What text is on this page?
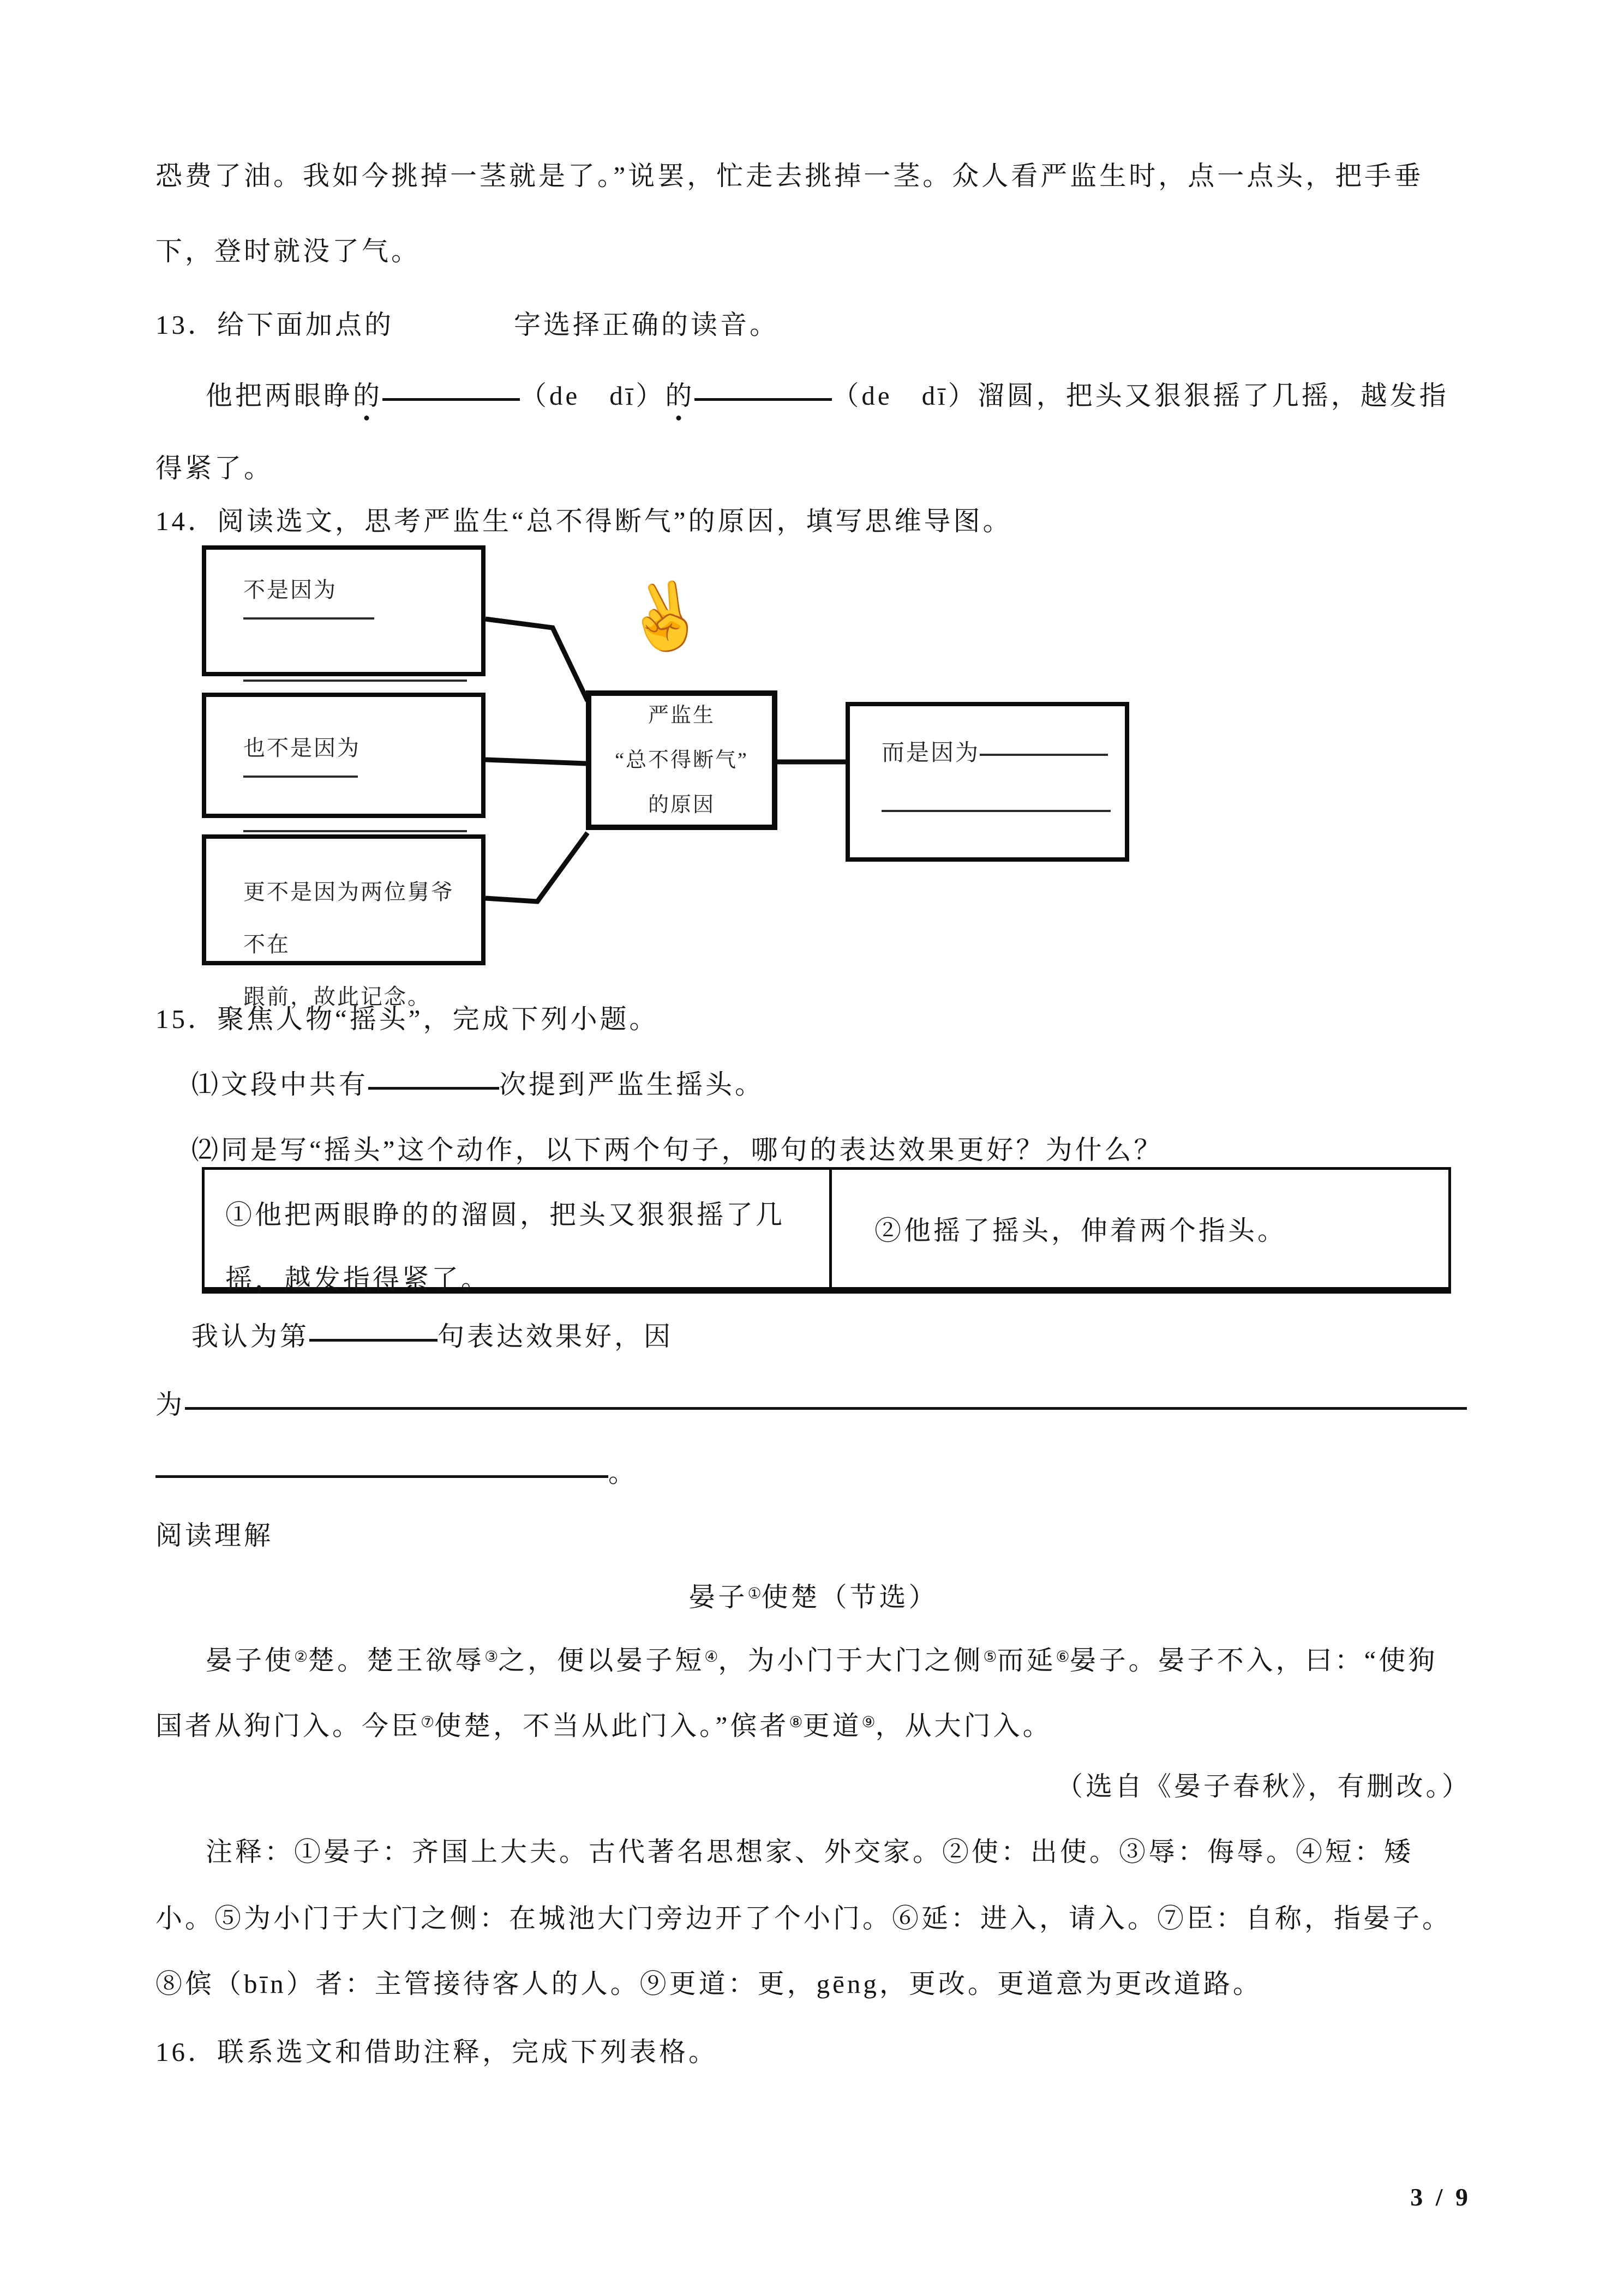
恐费了油。我如今挑掉一茎就是了。”说罢，忙走去挑掉一茎。众人看严监生时，点一点头，把手垂
下，登时就没了气。
13．给下面加点的	字选择正确的读音。
他把两眼睁的	（de　dī）的	（de　dī）溜圆，把头又狠狠摇了几摇，越发指
得紧了。
14．阅读选文，思考严监生“总不得断气”的原因，填写思维导图。
✌
不是因为
也不是因为
更不是因为两位舅爷不在
跟前，故此记念。
严监生
“总不得断气”
的原因
而是因为
15．聚焦人物“摇头”，完成下列小题。
⑴文段中共有	次提到严监生摇头。
⑵同是写“摇头”这个动作，以下两个句子，哪句的表达效果更好？为什么？
①他把两眼睁的的溜圆，把头又狠狠摇了几摇，越发指得紧了。
②他摇了摇头，伸着两个指头。
我认为第	句表达效果好，因
为
。
阅读理解
晏子①使楚（节选）
晏子使②楚。楚王欲辱③之，便以晏子短④，为小门于大门之侧⑤而延⑥晏子。晏子不入，曰：“使狗
国者从狗门入。今臣⑦使楚，不当从此门入。”傧者⑧更道⑨，从大门入。
（选自《晏子春秋》，有删改。）
注释：①晏子：齐国上大夫。古代著名思想家、外交家。②使：出使。③辱：侮辱。④短：矮
小。⑤为小门于大门之侧：在城池大门旁边开了个小门。⑥延：进入，请入。⑦臣：自称，指晏子。
⑧傧（bīn）者：主管接待客人的人。⑨更道：更，gēng，更改。更道意为更改道路。
16．联系选文和借助注释，完成下列表格。
3 / 9
